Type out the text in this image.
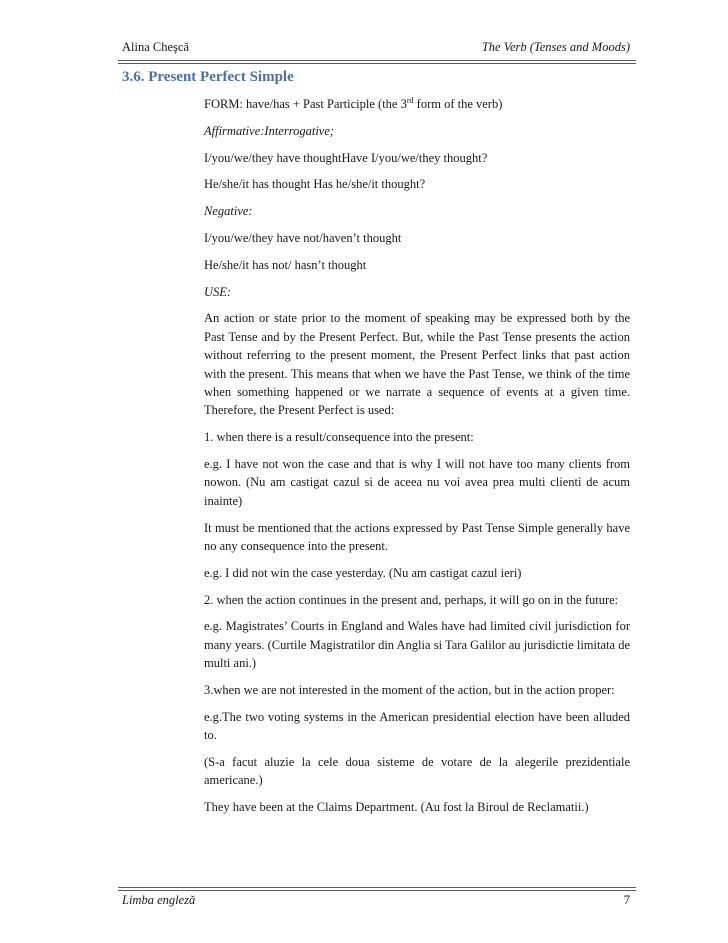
Alina Cheşcă	The Verb (Tenses and Moods)
3.6. Present Perfect Simple

FORM: have/has + Past Participle (the 3rd form of the verb)

Affirmative:Interrogative;

I/you/we/they have thoughtHave I/you/we/they thought?

He/she/it has thought Has he/she/it thought?

Negative:

I/you/we/they have not/haven’t thought

He/she/it has not/ hasn’t thought

USE:

An action or state prior to the moment of speaking may be expressed both by the Past Tense and by the Present Perfect. But, while the Past Tense presents the action without referring to the present moment, the Present Perfect links that past action with the present. This means that when we have the Past Tense, we think of the time when something happened or we narrate a sequence of events at a given time. Therefore, the Present Perfect is used:

1. when there is a result/consequence into the present:

e.g. I have not won the case and that is why I will not have too many clients from nowon. (Nu am castigat cazul si de aceea nu voi avea prea multi clienti de acum inainte)

It must be mentioned that the actions expressed by Past Tense Simple generally have no any consequence into the present.

e.g. I did not win the case yesterday. (Nu am castigat cazul ieri)

2. when the action continues in the present and, perhaps, it will go on in the future:

e.g. Magistrates’ Courts in England and Wales have had limited civil jurisdiction for many years. (Curtile Magistratilor din Anglia si Tara Galilor au jurisdictie limitata de multi ani.)

3.when we are not interested in the moment of the action, but in the action proper:

e.g.The two voting systems in the American presidential election have been alluded to.

(S-a facut aluzie la cele doua sisteme de votare de la alegerile prezidentiale americane.)

They have been at the Claims Department. (Au fost la Biroul de Reclamatii.)

Limba engleză	7
